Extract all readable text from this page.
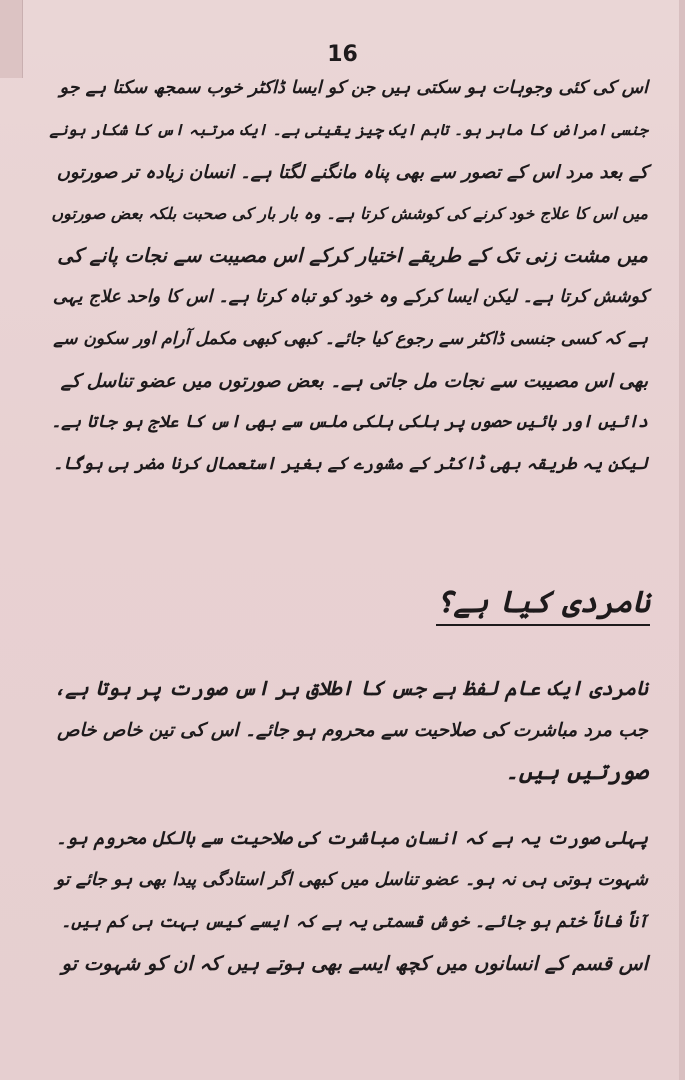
16
اس کی کئی وجوہات ہو سکتی ہیں جن کو ایسا ڈاکٹر خوب سمجھ سکتا ہے جو
جنسی امراض کا ماہر ہو۔ تاہم ایک چیز یقینی ہے۔ ایک مرتبہ اس کا شکار ہونے
کے بعد مرد اس کے تصور سے بھی پناہ مانگنے لگتا ہے۔ انسان زیادہ تر صورتوں
میں اس کا علاج خود کرنے کی کوشش کرتا ہے۔ وہ بار بار کی صحبت بلکہ بعض صورتوں
میں مشت زنی تک کے طریقے اختیار کرکے اس مصیبت سے نجات پانے کی
کوشش کرتا ہے۔ لیکن ایسا کرکے وہ خود کو تباہ کرتا ہے۔ اس کا واحد علاج یہی
ہے کہ کسی جنسی ڈاکٹر سے رجوع کیا جائے۔ کبھی کبھی مکمل آرام اور سکون سے
بھی اس مصیبت سے نجات مل جاتی ہے۔ بعض صورتوں میں عضو تناسل کے
دائیں اور بائیں حصوں پر ہلکی ہلکی ملس سے بھی اس کا علاج ہو جاتا ہے۔
لیکن یہ طریقہ بھی ڈاکٹر کے مشورے کے بغیر استعمال کرنا مضر ہی ہوگا۔
نامردی کیا ہے؟
نامردی ایک عام لفظ ہے جس کا اطلاق ہر اس صورت پر ہوتا ہے،
جب مرد مباشرت کی صلاحیت سے محروم ہو جائے۔ اس کی تین خاص خاص
صورتیں ہیں۔
پہلی صورت یہ ہے کہ انسان مباشرت کی صلاحیت سے بالکل محروم ہو۔
شہوت ہوتی ہی نہ ہو۔ عضو تناسل میں کبھی اگر استادگی پیدا بھی ہو جائے تو
آناً فاناً ختم ہو جائے۔ خوش قسمتی یہ ہے کہ ایسے کیس بہت ہی کم ہیں۔
اس قسم کے انسانوں میں کچھ ایسے بھی ہوتے ہیں کہ ان کو شہوت تو
